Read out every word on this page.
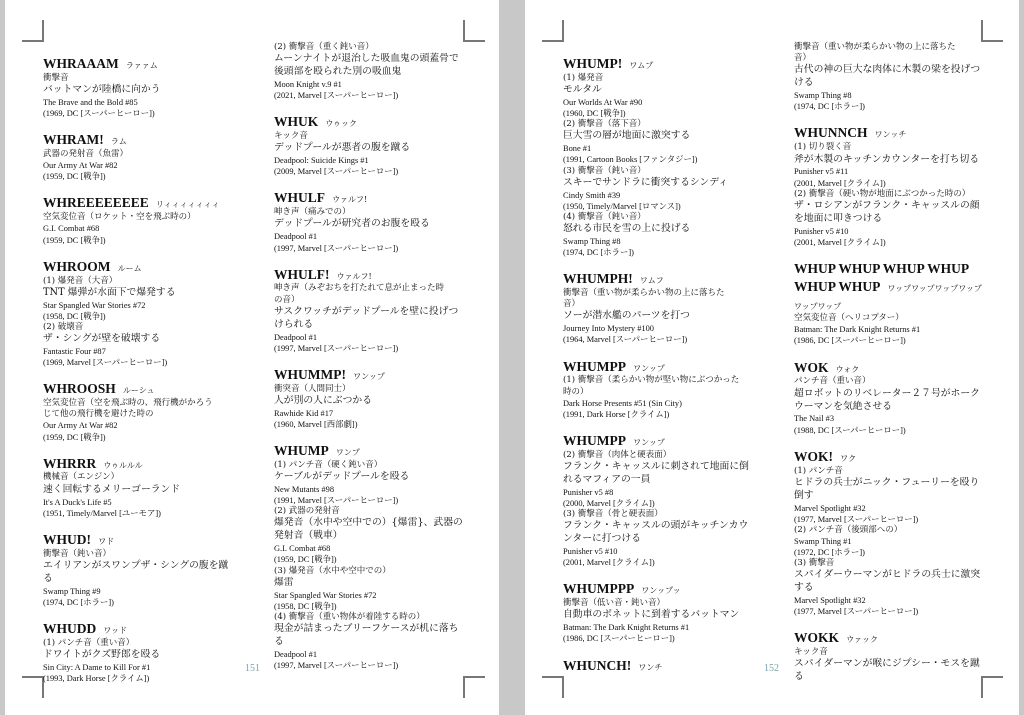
WHRAAAM ラァァム
衝撃音
バットマンが陸橋に向かう
The Brave and the Bold #85
(1969, DC [スーパーヒーロー])
WHRAM! ラム
武器の発射音（魚雷）
Our Army At War #82
(1959, DC [戦争])
WHREEEEEEEE リィィィィィィィ
空気変位音（ロケット・空を飛ぶ時の）
G.I. Combat #68
(1959, DC [戦争])
WHROOM ルーム
(1) 爆発音（大音）
TNT 爆弾が水面下で爆発する
Star Spangled War Stories #72
(1958, DC [戦争])
(2) 破壊音
ザ・シングが壁を破壊する
Fantastic Four #87
(1969, Marvel [スーパーヒーロー])
WHROOSH ルーシュ
空気変位音（空を飛ぶ時の、飛行機がかろう
じて他の飛行機を避けた時の
Our Army At War #82
(1959, DC [戦争])
WHRRR ウゥルルル
機械音（エンジン）
速く回転するメリーゴーランド
It's A Duck's Life #5
(1951, Timely/Marvel [ユーモア])
WHUD! ワド
衝撃音（鈍い音）
エイリアンがスワンプザ・シングの腹を蹴
る
Swamp Thing #9
(1974, DC [ホラー])
WHUDD ワッド
(1) パンチ音（重い音）
ドワイトがクズ野郎を殴る
Sin City: A Dame to Kill For #1
(1993, Dark Horse [クライム])
(2) 衝撃音（重く鈍い音）
ムーンナイトが退治した吸血鬼の頭蓋骨で
後頭部を殴られた別の吸血鬼
Moon Knight v.9 #1
(2021, Marvel [スーパーヒーロー])
WHUK ウゥック
キック音
デッドプールが悪者の腹を蹴る
Deadpool: Suicide Kings #1
(2009, Marvel [スーパーヒーロー])
WHULF ウァルフ!
呻き声（痛みでの）
デッドプールが研究者のお腹を殴る
Deadpool #1
(1997, Marvel [スーパーヒーロー])
WHULF! ウァルフ!
呻き声（みぞおちを打たれて息が止まった時
の音）
サスクワッチがデッドプールを壁に投げつ
けられる
Deadpool #1
(1997, Marvel [スーパーヒーロー])
WHUMMP! ワンップ
衝突音（人間同士）
人が別の人にぶつかる
Rawhide Kid #17
(1960, Marvel [西部劇])
WHUMP ワンプ
(1) パンチ音（硬く鈍い音）
ケーブルがデッドプールを殴る
New Mutants #98
(1991, Marvel [スーパーヒーロー])
(2) 武器の発射音
爆発音（水中や空中での）{爆雷}、武器の
発射音（戦車）
G.I. Combat #68
(1959, DC [戦争])
(3) 爆発音（水中や空中での）
爆雷
Star Spangled War Stories #72
(1958, DC [戦争])
(4) 衝撃音（重い物体が着陸する時の）
現金が詰まったブリーフケースが机に落ち
る
Deadpool #1
(1997, Marvel [スーパーヒーロー])
151
WHUMP! ワムプ
(1) 爆発音
モルタル
Our Worlds At War #90
(1960, DC [戦争])
(2) 衝撃音（落下音）
巨大雪の層が地面に激突する
Bone #1
(1991, Cartoon Books [ファンタジー])
(3) 衝撃音（鈍い音）
スキーでサンドラに衝突するシンディ
Cindy Smith #39
(1950, Timely/Marvel [ロマンス])
(4) 衝撃音（鈍い音）
怒れる市民を雪の上に投げる
Swamp Thing #8
(1974, DC [ホラー])
WHUMPH! ワムフ
衝撃音（重い物が柔らかい物の上に落ちた
音）
ソーが潜水艦のパーツを打つ
Journey Into Mystery #100
(1964, Marvel [スーパーヒーロー])
WHUMPP ワンップ
(1) 衝撃音（柔らかい物が堅い物にぶつかった
時の）
Dark Horse Presents #51 (Sin City)
(1991, Dark Horse [クライム])
WHUMPP ワンップ
(2) 衝撃音（肉体と硬表面）
フランク・キャッスルに刺されて地面に倒
れるマフィアの一員
Punisher v5 #8
(2000, Marvel [クライム])
(3) 衝撃音（骨と硬表面）
フランク・キャッスルの頭がキッチンカウ
ンターに打つける
Punisher v5 #10
(2001, Marvel [クライム])
WHUMPPP ワンップッ
衝撃音（低い音・鈍い音）
自動車のボネットに到着するバットマン
Batman: The Dark Knight Returns #1
(1986, DC [スーパーヒーロー])
WHUNCH! ワンチ
衝撃音（重い物が柔らかい物の上に落ちた
音）
古代の神の巨大な肉体に木製の梁を投げつ
ける
Swamp Thing #8
(1974, DC [ホラー])
WHUNNCH ワンッチ
(1) 切り裂く音
斧が木製のキッチンカウンターを打ち切る
Punisher v5 #11
(2001, Marvel [クライム])
(2) 衝撃音（硬い物が地面にぶつかった時の）
ザ・ロシアンがフランク・キャッスルの顔
を地面に叩きつける
Punisher v5 #10
(2001, Marvel [クライム])
WHUP WHUP WHUP WHUP WHUP WHUP ワップワップワップワップワップワップ
空気変位音（ヘリコプター）
Batman: The Dark Knight Returns #1
(1986, DC [スーパーヒーロー])
WOK ウォク
パンチ音（重い音）
超ロボットのリベレーター２７号がホーク
ウーマンを気絶させる
The Nail #3
(1988, DC [スーパーヒーロー])
WOK! ワク
(1) パンチ音
ヒドラの兵士がニック・フューリーを殴り
倒す
Marvel Spotlight #32
(1977, Marvel [スーパーヒーロー])
(2) パンチ音（後頭部への）
Swamp Thing #1
(1972, DC [ホラー])
(3) 衝撃音
スパイダーウーマンがヒドラの兵士に激突
する
Marvel Spotlight #32
(1977, Marvel [スーパーヒーロー])
WOKK ウァック
キック音
スパイダーマンが喉にジプシー・モスを蹴
る
152
